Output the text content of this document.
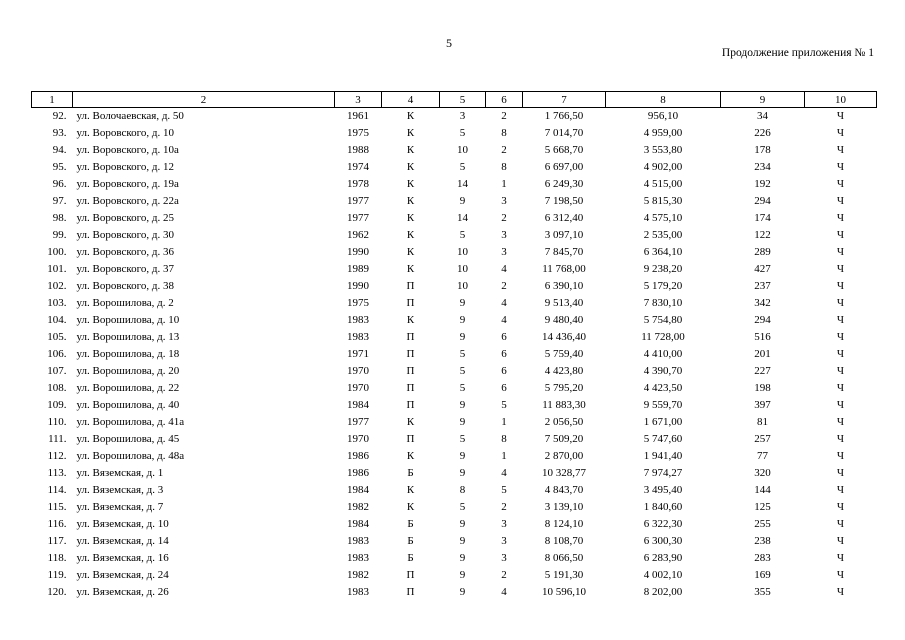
5
Продолжение приложения № 1
1	2	3	4	5	6	7	8	9	10
92.	ул. Волочаевская, д. 50	1961	К	3	2	1 766,50	956,10	34	Ч
93.	ул. Воровского, д. 10	1975	К	5	8	7 014,70	4 959,00	226	Ч
94.	ул. Воровского, д. 10а	1988	К	10	2	5 668,70	3 553,80	178	Ч
95.	ул. Воровского, д. 12	1974	К	5	8	6 697,00	4 902,00	234	Ч
96.	ул. Воровского, д. 19а	1978	К	14	1	6 249,30	4 515,00	192	Ч
97.	ул. Воровского, д. 22а	1977	К	9	3	7 198,50	5 815,30	294	Ч
98.	ул. Воровского, д. 25	1977	К	14	2	6 312,40	4 575,10	174	Ч
99.	ул. Воровского, д. 30	1962	К	5	3	3 097,10	2 535,00	122	Ч
100.	ул. Воровского, д. 36	1990	К	10	3	7 845,70	6 364,10	289	Ч
101.	ул. Воровского, д. 37	1989	К	10	4	11 768,00	9 238,20	427	Ч
102.	ул. Воровского, д. 38	1990	П	10	2	6 390,10	5 179,20	237	Ч
103.	ул. Ворошилова, д. 2	1975	П	9	4	9 513,40	7 830,10	342	Ч
104.	ул. Ворошилова, д. 10	1983	К	9	4	9 480,40	5 754,80	294	Ч
105.	ул. Ворошилова, д. 13	1983	П	9	6	14 436,40	11 728,00	516	Ч
106.	ул. Ворошилова, д. 18	1971	П	5	6	5 759,40	4 410,00	201	Ч
107.	ул. Ворошилова, д. 20	1970	П	5	6	4 423,80	4 390,70	227	Ч
108.	ул. Ворошилова, д. 22	1970	П	5	6	5 795,20	4 423,50	198	Ч
109.	ул. Ворошилова, д. 40	1984	П	9	5	11 883,30	9 559,70	397	Ч
110.	ул. Ворошилова, д. 41а	1977	К	9	1	2 056,50	1 671,00	81	Ч
111.	ул. Ворошилова, д. 45	1970	П	5	8	7 509,20	5 747,60	257	Ч
112.	ул. Ворошилова, д. 48а	1986	К	9	1	2 870,00	1 941,40	77	Ч
113.	ул. Вяземская, д. 1	1986	Б	9	4	10 328,77	7 974,27	320	Ч
114.	ул. Вяземская, д. 3	1984	К	8	5	4 843,70	3 495,40	144	Ч
115.	ул. Вяземская, д. 7	1982	К	5	2	3 139,10	1 840,60	125	Ч
116.	ул. Вяземская, д. 10	1984	Б	9	3	8 124,10	6 322,30	255	Ч
117.	ул. Вяземская, д. 14	1983	Б	9	3	8 108,70	6 300,30	238	Ч
118.	ул. Вяземская, д. 16	1983	Б	9	3	8 066,50	6 283,90	283	Ч
119.	ул. Вяземская, д. 24	1982	П	9	2	5 191,30	4 002,10	169	Ч
120.	ул. Вяземская, д. 26	1983	П	9	4	10 596,10	8 202,00	355	Ч
